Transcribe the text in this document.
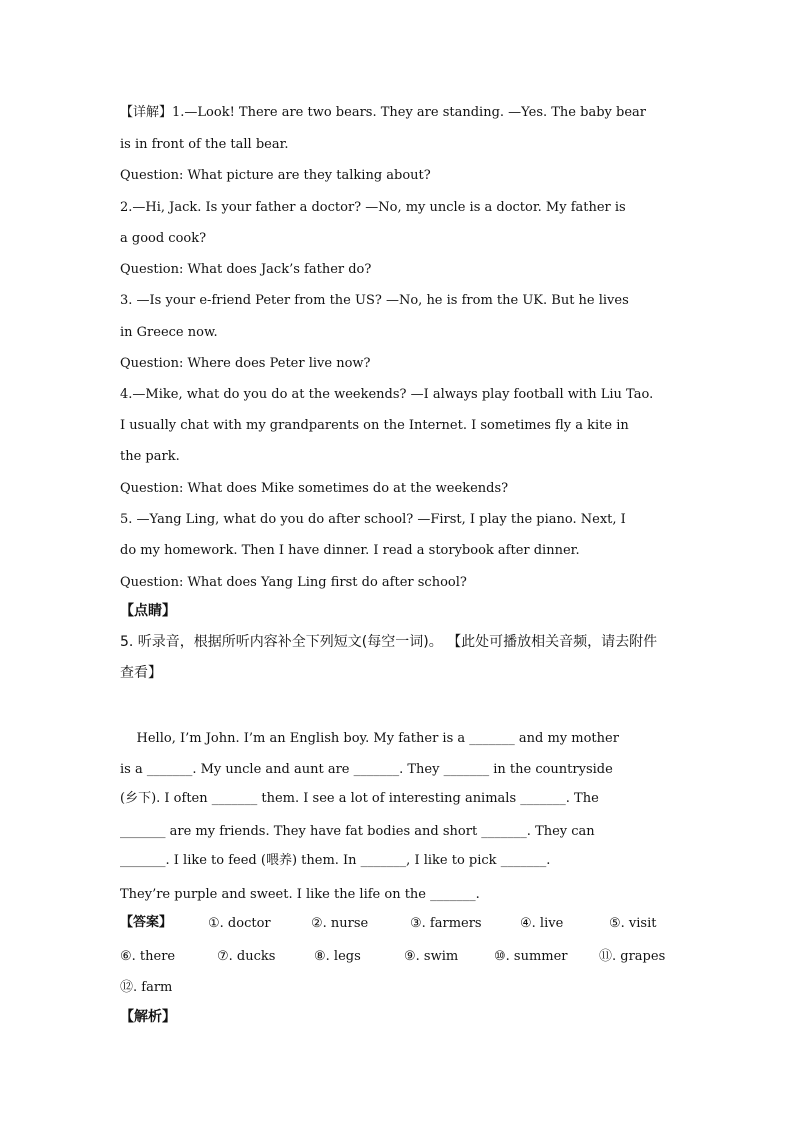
【详解】1.—Look! There are two bears. They are standing. —Yes. The baby bear
is in front of the tall bear.
Question: What picture are they talking about?
2.—Hi, Jack. Is your father a doctor? —No, my uncle is a doctor. My father is
a good cook?
Question: What does Jack’s father do?
3. —Is your e-friend Peter from the US? —No, he is from the UK. But he lives
in Greece now.
Question: Where does Peter live now?
4.—Mike, what do you do at the weekends? —I always play football with Liu Tao.
I usually chat with my grandparents on the Internet. I sometimes fly a kite in
the park.
Question: What does Mike sometimes do at the weekends?
5. —Yang Ling, what do you do after school? —First, I play the piano. Next, I
do my homework. Then I have dinner. I read a storybook after dinner.
Question: What does Yang Ling first do after school?
【点睛】
5. 听录音，根据所听内容补全下列短文(每空一词)。 【此处可播放相关音频，请去附件
查看】
Hello, I’m John. I’m an English boy. My father is a _______ and my mother
is a _______. My uncle and aunt are _______. They _______ in the countryside
(乡下). I often _______ them. I see a lot of interesting animals _______. The
_______ are my friends. They have fat bodies and short _______. They can
_______. I like to feed (喂养) them. In _______, I like to pick _______.
They’re purple and sweet. I like the life on the _______.
【答案】	①. doctor	②. nurse	③. farmers	④. live	⑤. visit
⑥. there	⑦. ducks	⑧. legs	⑨. swim	⑩. summer ⑪. grapes
⑫. farm
【解析】
